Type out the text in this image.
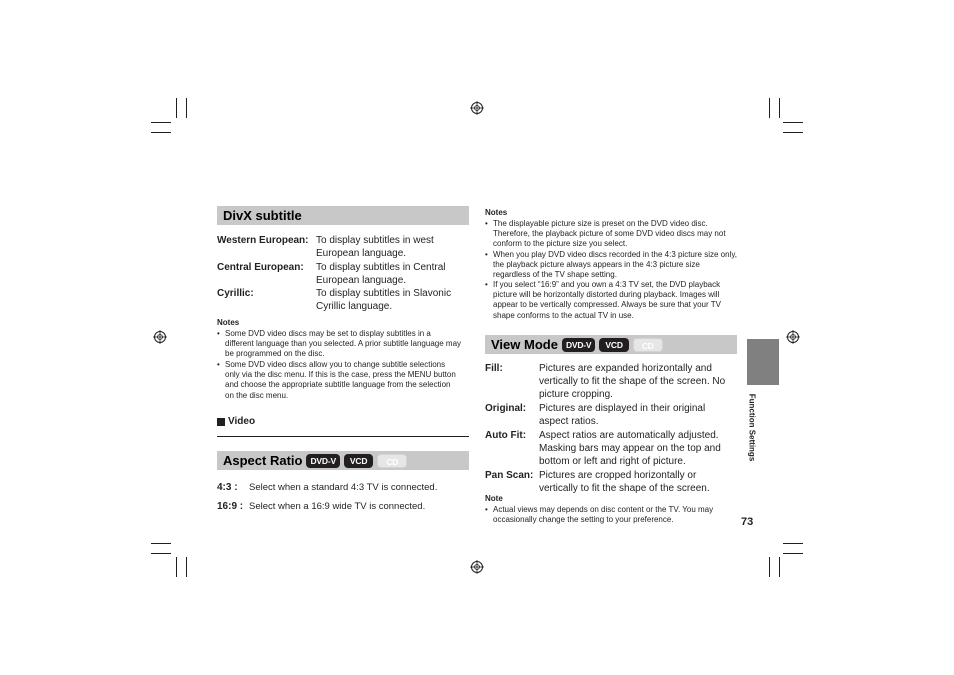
DivX subtitle
Western European: To display subtitles in west European language.
Central European: To display subtitles in Central European language.
Cyrillic:	To display subtitles in Slavonic Cyrillic language.
Notes
• Some DVD video discs may be set to display subtitles in a different language than you selected. A prior subtitle language may be programmed on the disc.
• Some DVD video discs allow you to change subtitle selections only via the disc menu. If this is the case, press the MENU button and choose the appropriate subtitle language from the selection on the disc menu.
Video
Aspect Ratio DVD-V	VCD	CD
4:3 : Select when a standard 4:3 TV is connected.
16:9 : Select when a 16:9 wide TV is connected.
Notes
• The displayable picture size is preset on the DVD video disc. Therefore, the playback picture of some DVD video discs may not conform to the picture size you select.
• When you play DVD video discs recorded in the 4:3 picture size only, the playback picture always appears in the 4:3 picture size regardless of the TV shape setting.
• If you select “16:9” and you own a 4:3 TV set, the DVD playback picture will be horizontally distorted during playback. Images will appear to be vertically compressed. Always be sure that your TV shape conforms to the actual TV in use.
View Mode DVD-V	VCD	CD
Fill:	Pictures are expanded horizontally and vertically to fit the shape of the screen. No picture cropping.
Original: Pictures are displayed in their original aspect ratios.
Auto Fit: Aspect ratios are automatically adjusted. Masking bars may appear on the top and bottom or left and right of picture.
Pan Scan: Pictures are cropped horizontally or vertically to fit the shape of the screen.
Note
• Actual views may depends on disc content or the TV. You may occasionally change the setting to your preference.
Function Settings
73
